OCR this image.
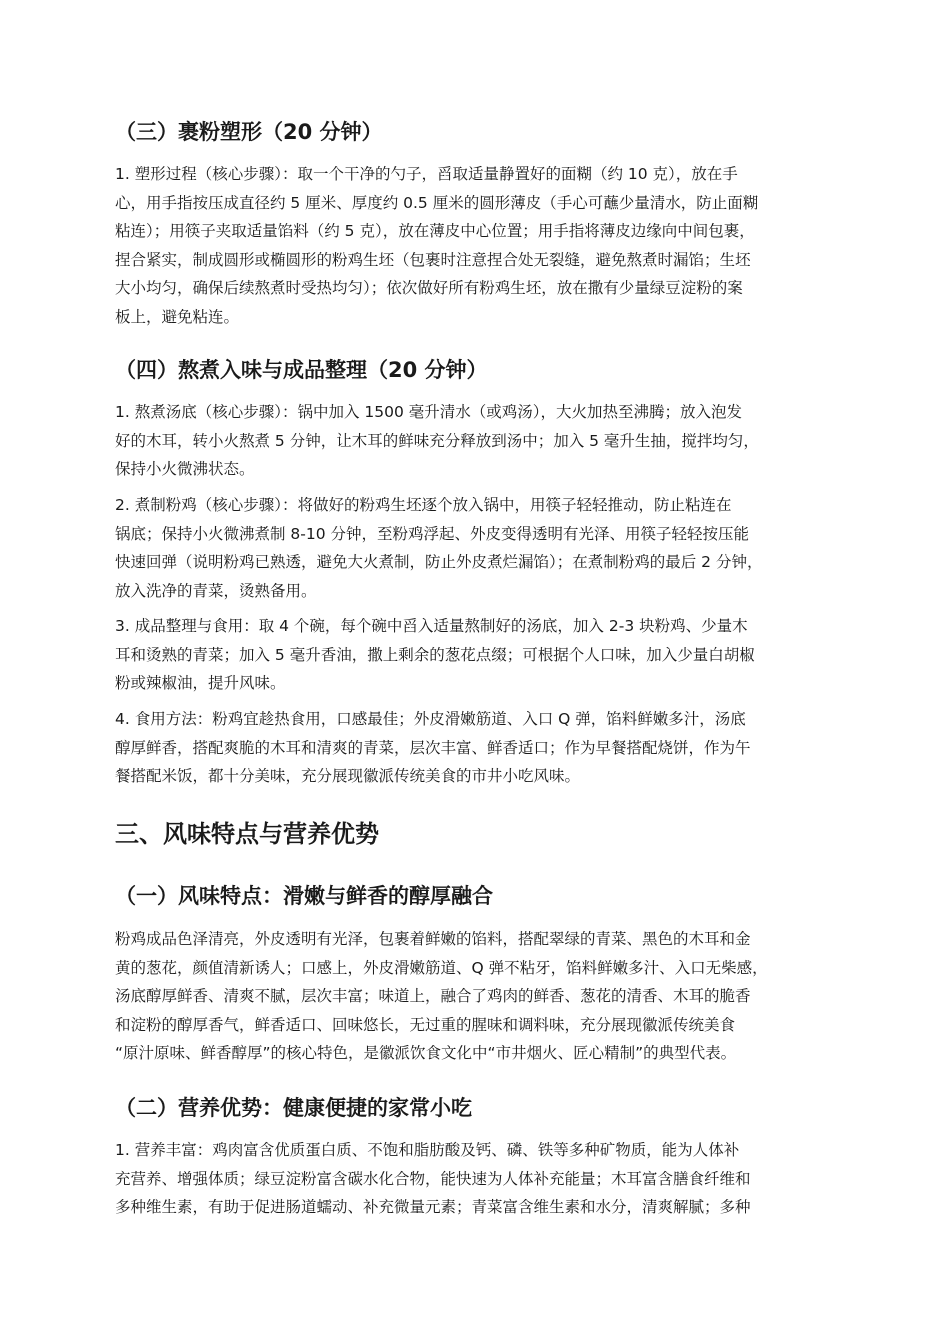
（三）裹粉塑形（20 分钟）
1. 塑形过程（核心步骤）：取一个干净的勺子，舀取适量静置好的面糊（约 10 克），放在手
心，用手指按压成直径约 5 厘米、厚度约 0.5 厘米的圆形薄皮（手心可蘸少量清水，防止面糊
粘连）；用筷子夹取适量馅料（约 5 克），放在薄皮中心位置；用手指将薄皮边缘向中间包裹，
捏合紧实，制成圆形或椭圆形的粉鸡生坯（包裹时注意捏合处无裂缝，避免熬煮时漏馅；生坯
大小均匀，确保后续熬煮时受热均匀）；依次做好所有粉鸡生坯，放在撒有少量绿豆淀粉的案
板上，避免粘连。
（四）熬煮入味与成品整理（20 分钟）
1. 熬煮汤底（核心步骤）：锅中加入 1500 毫升清水（或鸡汤），大火加热至沸腾；放入泡发
好的木耳，转小火熬煮 5 分钟，让木耳的鲜味充分释放到汤中；加入 5 毫升生抽，搅拌均匀，
保持小火微沸状态。
2. 煮制粉鸡（核心步骤）：将做好的粉鸡生坯逐个放入锅中，用筷子轻轻推动，防止粘连在
锅底；保持小火微沸煮制 8-10 分钟，至粉鸡浮起、外皮变得透明有光泽、用筷子轻轻按压能
快速回弹（说明粉鸡已熟透，避免大火煮制，防止外皮煮烂漏馅）；在煮制粉鸡的最后 2 分钟，
放入洗净的青菜，烫熟备用。
3. 成品整理与食用：取 4 个碗，每个碗中舀入适量熬制好的汤底，加入 2-3 块粉鸡、少量木
耳和烫熟的青菜；加入 5 毫升香油，撒上剩余的葱花点缀；可根据个人口味，加入少量白胡椒
粉或辣椒油，提升风味。
4. 食用方法：粉鸡宜趁热食用，口感最佳；外皮滑嫩筋道、入口 Q 弹，馅料鲜嫩多汁，汤底
醇厚鲜香，搭配爽脆的木耳和清爽的青菜，层次丰富、鲜香适口；作为早餐搭配烧饼，作为午
餐搭配米饭，都十分美味，充分展现徽派传统美食的市井小吃风味。
三、风味特点与营养优势
（一）风味特点：滑嫩与鲜香的醇厚融合
粉鸡成品色泽清亮，外皮透明有光泽，包裹着鲜嫩的馅料，搭配翠绿的青菜、黑色的木耳和金
黄的葱花，颜值清新诱人；口感上，外皮滑嫩筋道、Q 弹不粘牙，馅料鲜嫩多汁、入口无柴感，
汤底醇厚鲜香、清爽不腻，层次丰富；味道上，融合了鸡肉的鲜香、葱花的清香、木耳的脆香
和淀粉的醇厚香气，鲜香适口、回味悠长，无过重的腥味和调料味，充分展现徽派传统美食
“原汁原味、鲜香醇厚”的核心特色，是徽派饮食文化中“市井烟火、匠心精制”的典型代表。
（二）营养优势：健康便捷的家常小吃
1. 营养丰富：鸡肉富含优质蛋白质、不饱和脂肪酸及钙、磷、铁等多种矿物质，能为人体补
充营养、增强体质；绿豆淀粉富含碳水化合物，能快速为人体补充能量；木耳富含膳食纤维和
多种维生素，有助于促进肠道蠕动、补充微量元素；青菜富含维生素和水分，清爽解腻；多种
